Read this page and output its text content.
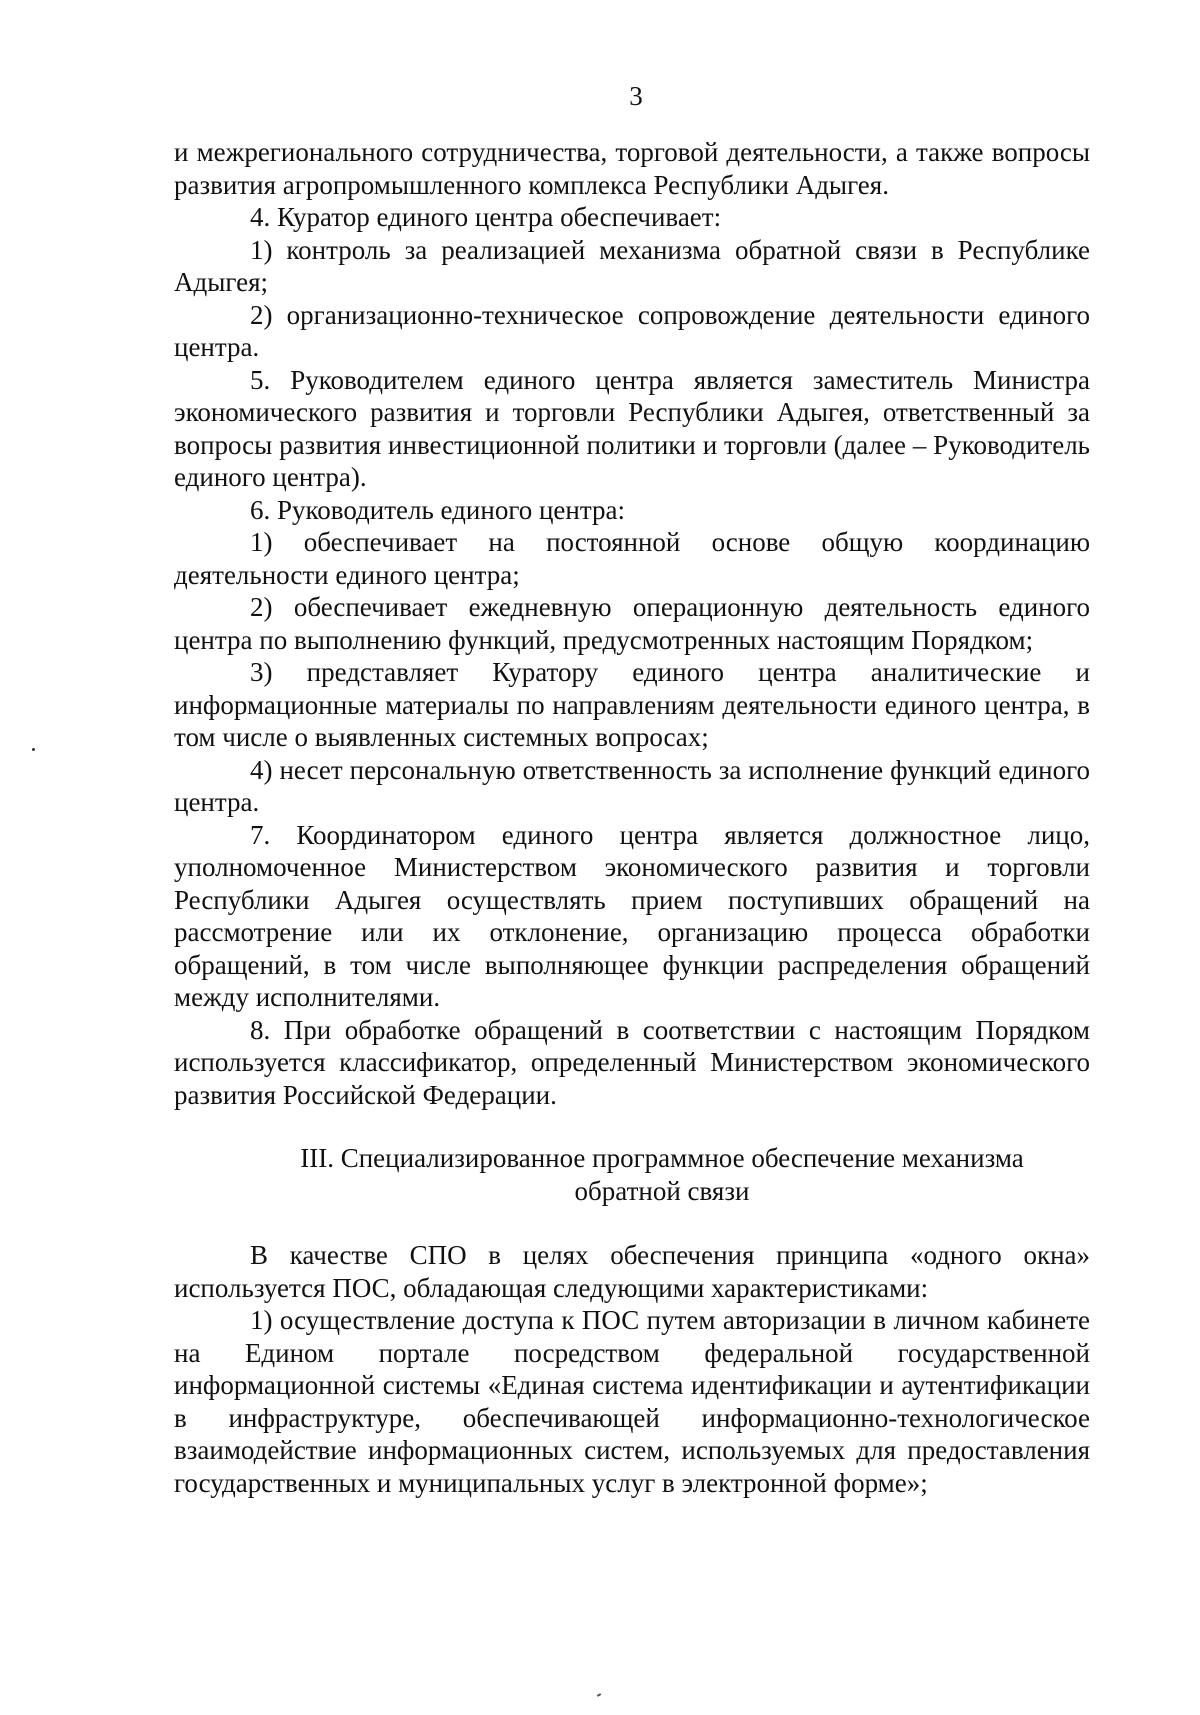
3

и межрегионального сотрудничества, торговой деятельности, а также вопросы развития агропромышленного комплекса Республики Адыгея.

4. Куратор единого центра обеспечивает:

1) контроль за реализацией механизма обратной связи в Республике Адыгея;

2) организационно-техническое сопровождение деятельности единого центра.

5. Руководителем единого центра является заместитель Министра экономического развития и торговли Республики Адыгея, ответственный за вопросы развития инвестиционной политики и торговли (далее – Руководитель единого центра).

6. Руководитель единого центра:

1) обеспечивает на постоянной основе общую координацию деятельности единого центра;

2) обеспечивает ежедневную операционную деятельность единого центра по выполнению функций, предусмотренных настоящим Порядком;

3) представляет Куратору единого центра аналитические и информационные материалы по направлениям деятельности единого центра, в том числе о выявленных системных вопросах;

4) несет персональную ответственность за исполнение функций единого центра.

7. Координатором единого центра является должностное лицо, уполномоченное Министерством экономического развития и торговли Республики Адыгея осуществлять прием поступивших обращений на рассмотрение или их отклонение, организацию процесса обработки обращений, в том числе выполняющее функции распределения обращений между исполнителями.

8. При обработке обращений в соответствии с настоящим Порядком используется классификатор, определенный Министерством экономического развития Российской Федерации.

III. Специализированное программное обеспечение механизма
обратной связи

В качестве СПО в целях обеспечения принципа «одного окна» используется ПОС, обладающая следующими характеристиками:

1) осуществление доступа к ПОС путем авторизации в личном кабинете на Едином портале посредством федеральной государственной информационной системы «Единая система идентификации и аутентификации в инфраструктуре, обеспечивающей информационно-технологическое взаимодействие информационных систем, используемых для предоставления государственных и муниципальных услуг в электронной форме»;
